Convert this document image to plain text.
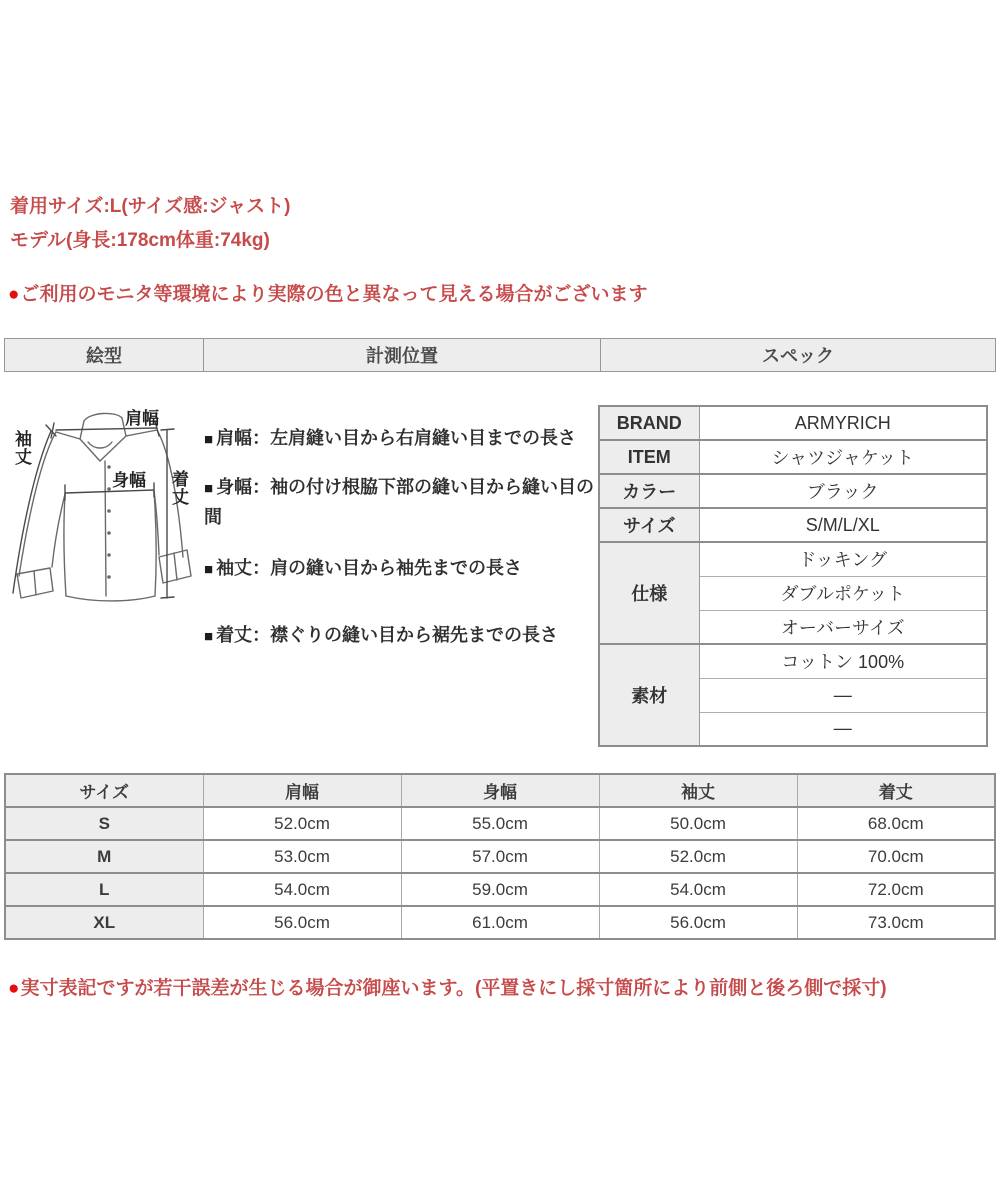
着用サイズ:L(サイズ感:ジャスト)
モデル(身長:178cm体重:74kg)
●ご利用のモニタ等環境により実際の色と異なって見える場合がございます
絵型	計測位置	スペック
肩幅
袖丈
身幅 着丈
■ 肩幅：左肩縫い目から右肩縫い目までの長さ
■ 身幅：袖の付け根脇下部の縫い目から縫い目の間
■ 袖丈：肩の縫い目から袖先までの長さ
■ 着丈：襟ぐりの縫い目から裾先までの長さ
BRAND	ARMYRICH
ITEM	シャツジャケット
カラー	ブラック
サイズ	S/M/L/XL
仕様	ドッキング
	ダブルポケット
	オーバーサイズ
素材	コットン 100%
	—
	—
サイズ	肩幅	身幅	袖丈	着丈
S	52.0cm	55.0cm	50.0cm	68.0cm
M	53.0cm	57.0cm	52.0cm	70.0cm
L	54.0cm	59.0cm	54.0cm	72.0cm
XL	56.0cm	61.0cm	56.0cm	73.0cm
●実寸表記ですが若干誤差が生じる場合が御座います。(平置きにし採寸箇所により前側と後ろ側で採寸)
